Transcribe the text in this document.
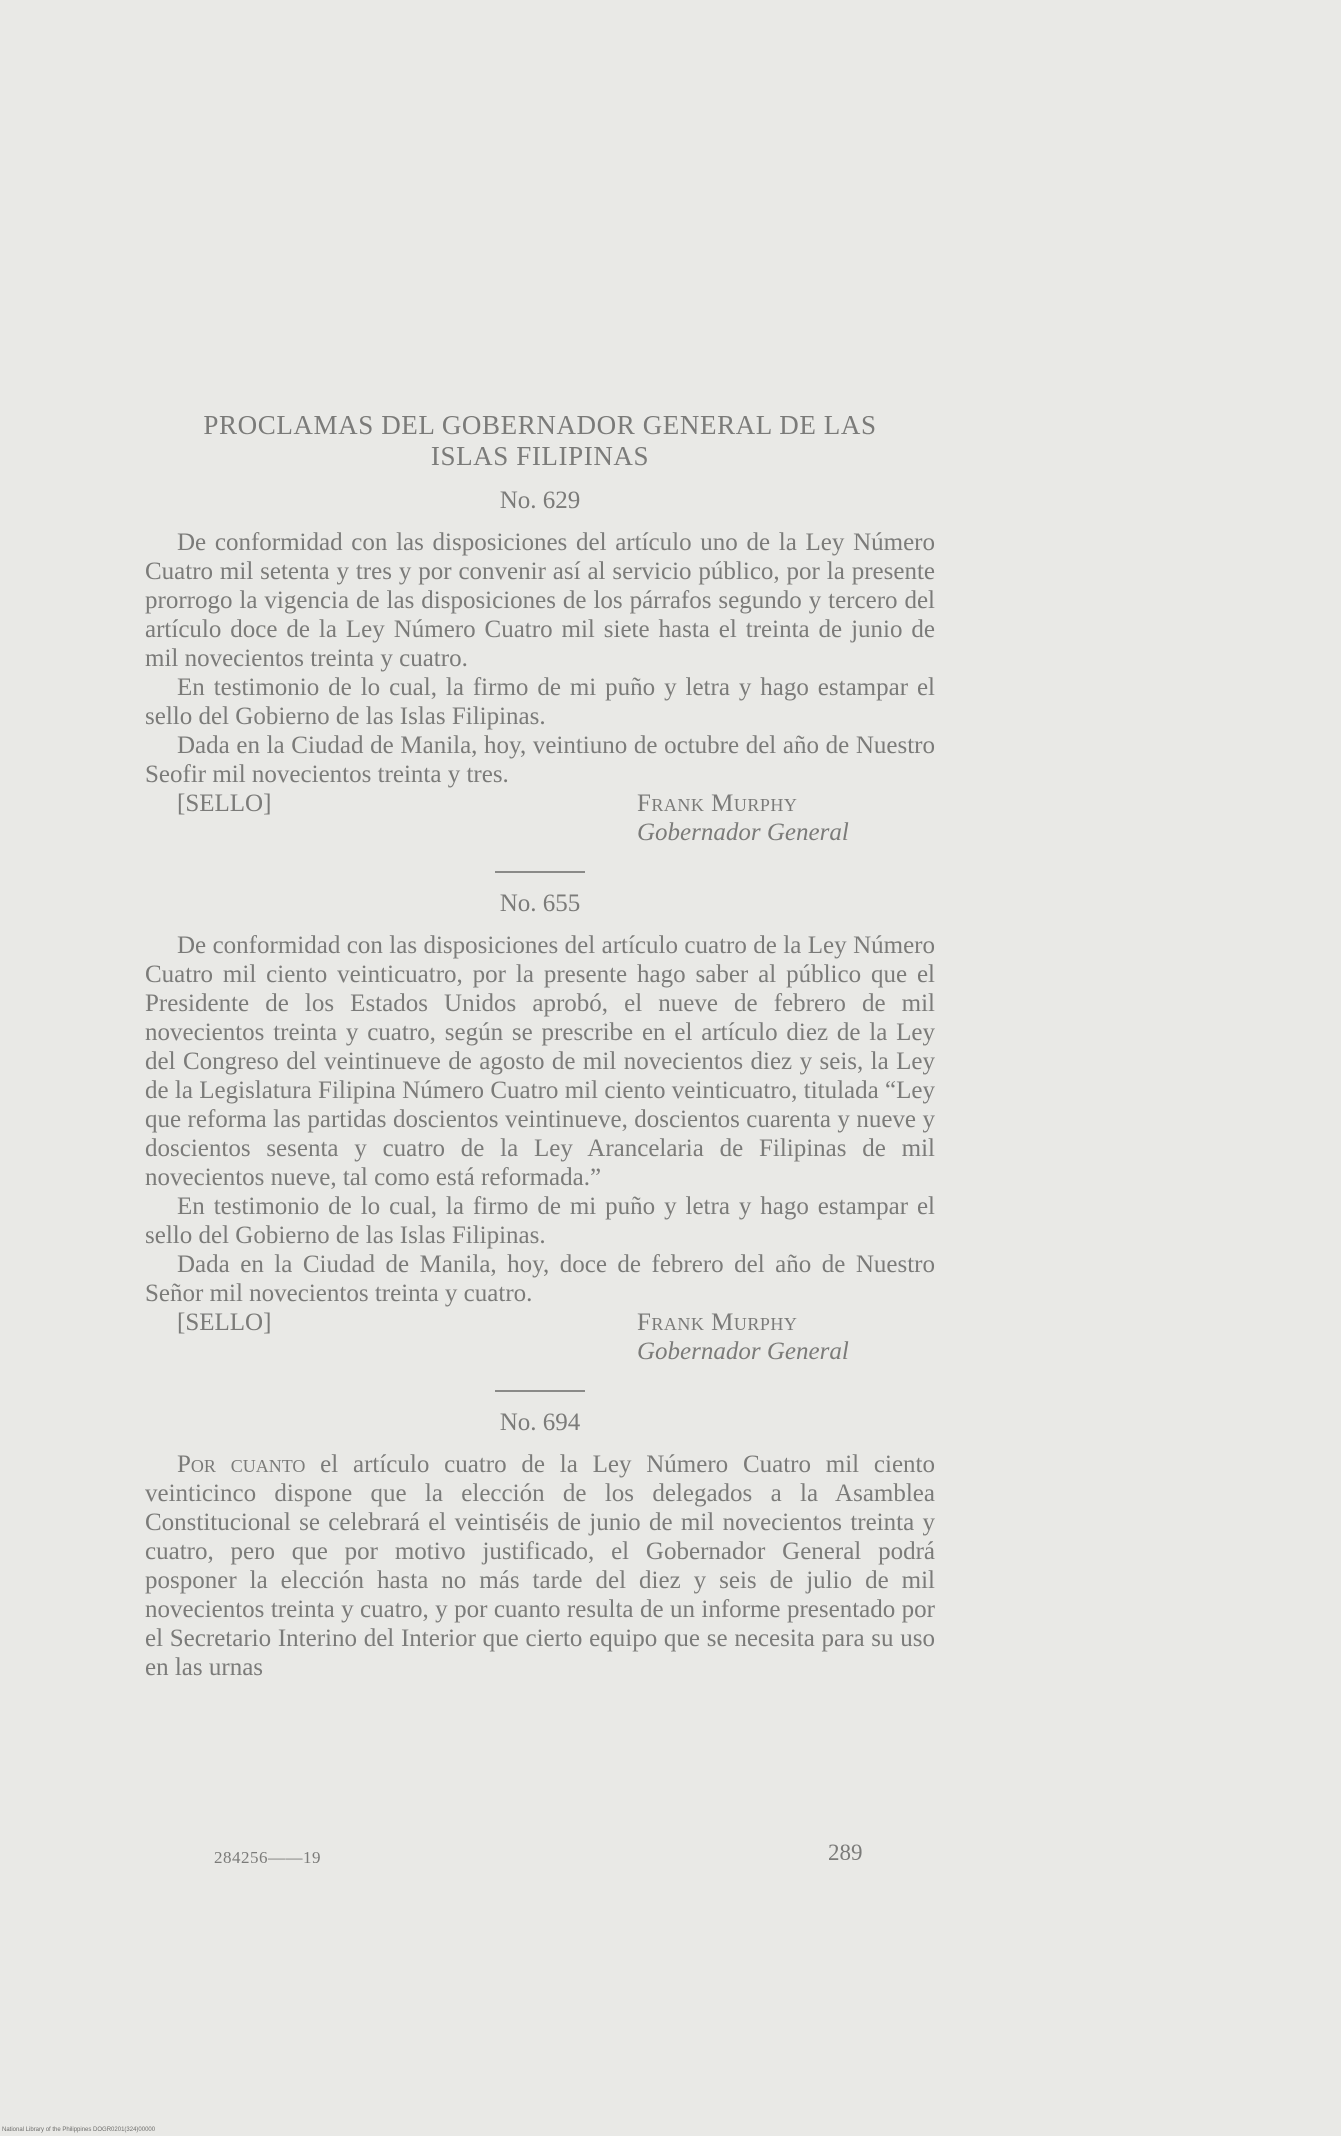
PROCLAMAS DEL GOBERNADOR GENERAL DE LAS
ISLAS FILIPINAS
No. 629

De conformidad con las disposiciones del artículo uno de la Ley Número Cuatro mil setenta y tres y por convenir así al servicio público, por la presente prorrogo la vigencia de las disposiciones de los párrafos segundo y tercero del artículo doce de la Ley Número Cuatro mil siete hasta el treinta de junio de mil novecientos treinta y cuatro.

En testimonio de lo cual, la firmo de mi puño y letra y hago estampar el sello del Gobierno de las Islas Filipinas.

Dada en la Ciudad de Manila, hoy, veintiuno de octubre del año de Nuestro Seofir mil novecientos treinta y tres.

[SELLO]	Frank Murphy
Gobernador General
No. 655

De conformidad con las disposiciones del artículo cuatro de la Ley Número Cuatro mil ciento veinticuatro, por la presente hago saber al público que el Presidente de los Estados Unidos aprobó, el nueve de febrero de mil novecientos treinta y cuatro, según se prescribe en el artículo diez de la Ley del Congreso del veintinueve de agosto de mil novecientos diez y seis, la Ley de la Legislatura Filipina Número Cuatro mil ciento veinticuatro, titulada “Ley que reforma las partidas doscientos veintinueve, doscientos cuarenta y nueve y doscientos sesenta y cuatro de la Ley Arancelaria de Filipinas de mil novecientos nueve, tal como está reformada.”

En testimonio de lo cual, la firmo de mi puño y letra y hago estampar el sello del Gobierno de las Islas Filipinas.

Dada en la Ciudad de Manila, hoy, doce de febrero del año de Nuestro Señor mil novecientos treinta y cuatro.

[SELLO]	Frank Murphy
Gobernador General
No. 694

Por cuanto el artículo cuatro de la Ley Número Cuatro mil ciento veinticinco dispone que la elección de los delegados a la Asamblea Constitucional se celebrará el veintiséis de junio de mil novecientos treinta y cuatro, pero que por motivo justificado, el Gobernador General podrá posponer la elección hasta no más tarde del diez y seis de julio de mil novecientos treinta y cuatro, y por cuanto resulta de un informe presentado por el Secretario Interino del Interior que cierto equipo que se necesita para su uso en las urnas

284256——19	289
National Library of the Philippines DOGR0201(324)00000
